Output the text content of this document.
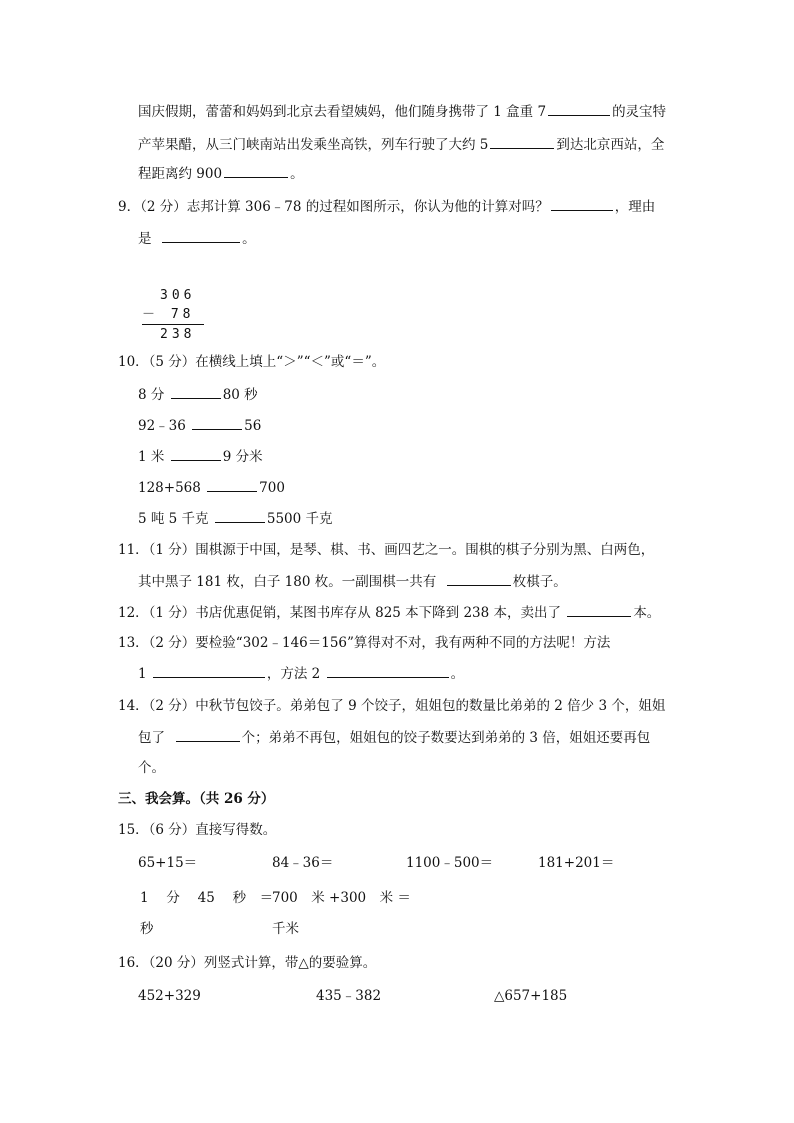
国庆假期，蕾蕾和妈妈到北京去看望姨妈，他们随身携带了 1 盒重 7	的灵宝特
产苹果醋，从三门峡南站出发乘坐高铁，列车行驶了大约 5	到达北京西站，全
程距离约 900	。
9．（2 分）志邦计算 306﹣78 的过程如图所示，你认为他的计算对吗？	，理由
是	。
306
－ 78
238
10．（5 分）在横线上填上“＞”“＜”或“＝”。
8 分	80 秒
92﹣36	56
1 米	9 分米
128+568	700
5 吨 5 千克	5500 千克
11．（1 分）围棋源于中国，是琴、棋、书、画四艺之一。围棋的棋子分别为黑、白两色，
其中黑子 181 枚，白子 180 枚。一副围棋一共有	枚棋子。
12．（1 分）书店优惠促销，某图书库存从 825 本下降到 238 本，卖出了	本。
13．（2 分）要检验“302﹣146＝156”算得对不对，我有两种不同的方法呢！方法
1	，方法 2	。
14．（2 分）中秋节包饺子。弟弟包了 9 个饺子，姐姐包的数量比弟弟的 2 倍少 3 个，姐姐
包了	个；弟弟不再包，姐姐包的饺子数要达到弟弟的 3 倍，姐姐还要再包
个。
三、我会算。（共 26 分）
15．（6 分）直接写得数。
65+15＝	84﹣36＝	1100﹣500＝	181+201＝
1　 分　 45　 秒　＝
700　米 +300　米 ＝
秒	千米
16．（20 分）列竖式计算，带△的要验算。
452+329	435﹣382	△657+185
